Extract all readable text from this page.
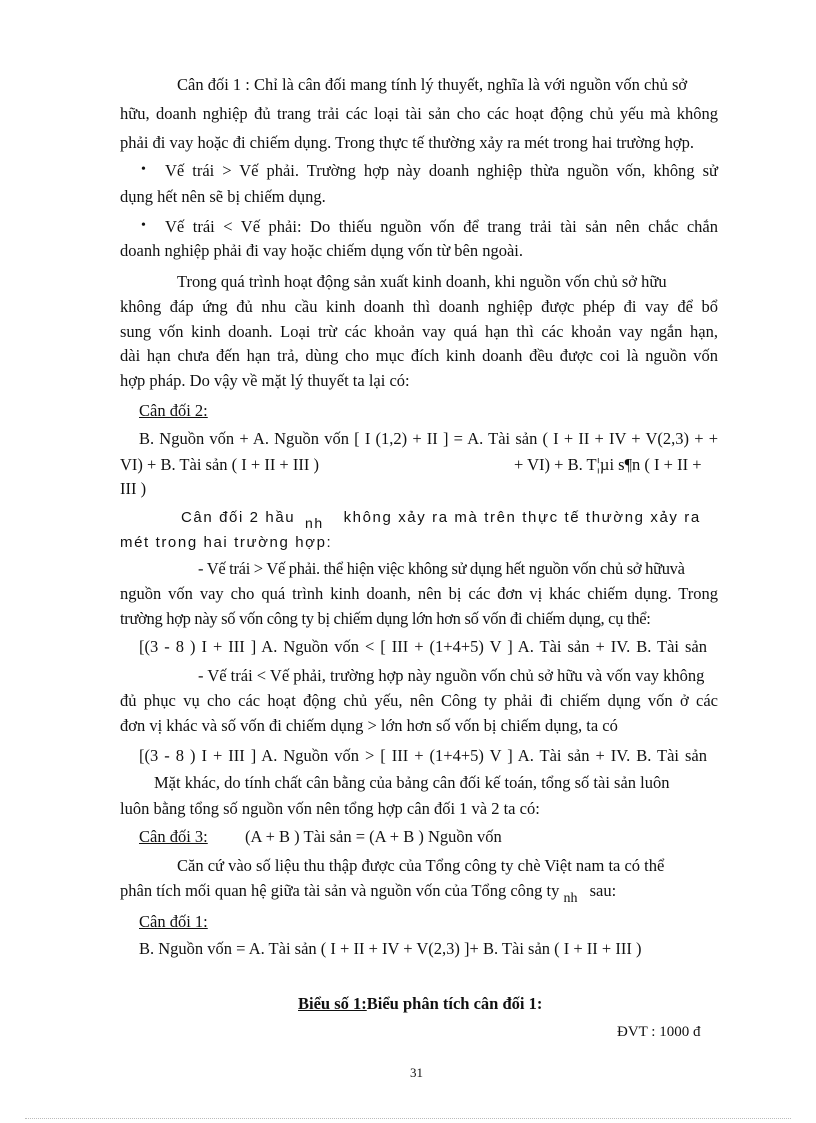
Cân đối 1 : Chỉ là cân đối mang tính lý thuyết, nghĩa là với nguồn vốn chủ sở
hữu, doanh nghiệp đủ trang trải các loại tài sản cho các hoạt động chủ yếu mà không
phải đi vay hoặc đi chiếm dụng. Trong thực tế thường xảy ra mét trong hai trường hợp.
• Vế trái > Vế phải. Trường hợp này doanh nghiệp thừa nguồn vốn, không sử
dụng hết nên sẽ bị chiếm dụng.
• Vế trái < Vế phải: Do thiếu nguồn vốn để trang trải tài sản nên chắc chắn
doanh nghiệp phải đi vay hoặc chiếm dụng vốn từ bên ngoài.
Trong quá trình hoạt động sản xuất kinh doanh, khi nguồn vốn chủ sở hữu
không đáp ứng đủ nhu cầu kinh doanh thì doanh nghiệp được phép đi vay để bổ
sung vốn kinh doanh. Loại trừ các khoản vay quá hạn thì các khoản vay ngắn hạn,
dài hạn chưa đến hạn trả, dùng cho mục đích kinh doanh đều được coi là nguồn vốn
hợp pháp. Do vậy về mặt lý thuyết ta lại có:
Cân đối 2:
B. Nguồn vốn + A. Nguồn vốn [ I (1,2) + II ] = A. Tài sản ( I + II + IV + V(2,3) + +
VI) + B. Tài sản ( I + II + III )	+ VI) + B. T¦µi s¶n ( I + II +
III )
Cân đối 2 hầu nh không xảy ra mà trên thực tế thường xảy ra
mét trong hai trường hợp:
- Vế trái > Vế phải. thể hiện việc không sử dụng hết nguồn vốn chủ sở hữuvà
nguồn vốn vay cho quá trình kinh doanh, nên bị các đơn vị khác chiếm dụng. Trong
trường hợp này số vốn công ty bị chiếm dụng lớn hơn số vốn đi chiếm dụng, cụ thể:
[(3 - 8 ) I + III ] A. Nguồn vốn < [ III + (1+4+5) V ] A. Tài sản + IV. B. Tài sản
- Vế trái < Vế phải, trường hợp này nguồn vốn chủ sở hữu và vốn vay không
đủ phục vụ cho các hoạt động chủ yếu, nên Công ty phải đi chiếm dụng vốn ở các
đơn vị khác và số vốn đi chiếm dụng > lớn hơn số vốn bị chiếm dụng, ta có
[(3 - 8 ) I + III ] A. Nguồn vốn > [ III + (1+4+5) V ] A. Tài sản + IV. B. Tài sản
Mặt khác, do tính chất cân bằng của bảng cân đối kế toán, tổng số tài sản luôn
luôn bằng tổng số nguồn vốn nên tổng hợp cân đối 1 và 2 ta có:
Cân đối 3: (A + B ) Tài sản = (A + B ) Nguồn vốn
Căn cứ vào số liệu thu thập được của Tổng công ty chè Việt nam ta có thể
phân tích mối quan hệ giữa tài sản và nguồn vốn của Tổng công ty $_{nh}$ sau:
Cân đối 1:
B. Nguồn vốn = A. Tài sản ( I + II + IV + V(2,3) ]+ B. Tài sản ( I + II + III )
Biểu số 1:Biểu phân tích cân đối 1:
ĐVT : 1000 đ
31
